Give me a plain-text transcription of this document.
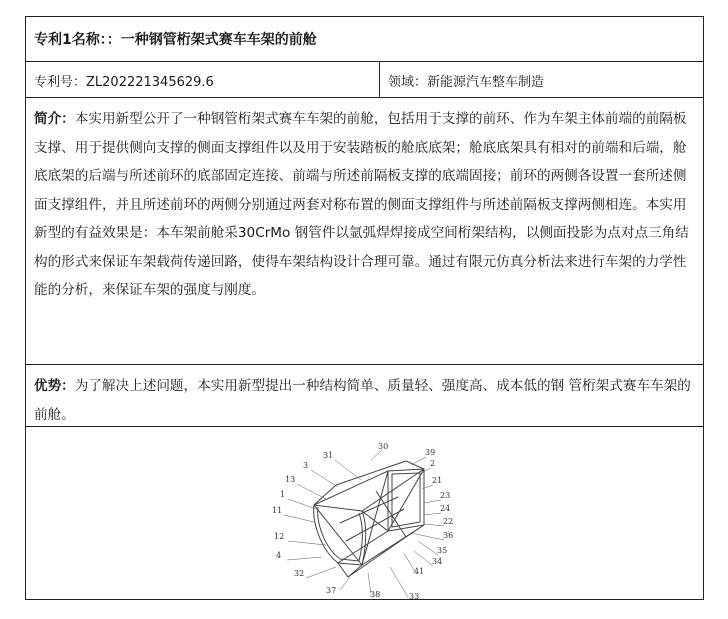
专利1名称：：一种钢管桁架式赛车车架的前舱
专利号：ZL202221345629.6	领域：新能源汽车整车制造
简介：本实用新型公开了一种钢管桁架式赛车车架的前舱，包括用于支撑的前环、作为车架主体前端的前隔板支撑、用于提供侧向支撑的侧面支撑组件以及用于安装踏板的舱底底架；舱底底架具有相对的前端和后端，舱底底架的后端与所述前环的底部固定连接、前端与所述前隔板支撑的底端固接；前环的两侧各设置一套所述侧面支撑组件，并且所述前环的两侧分别通过两套对称布置的侧面支撑组件与所述前隔板支撑两侧相连。本实用新型的有益效果是：本车架前舱采30CrMo 钢管件以氩弧焊焊接成空间桁架结构，以侧面投影为点对点三角结构的形式来保证车架载荷传递回路，使得车架结构设计合理可靠。通过有限元仿真分析法来进行车架的力学性能的分析，来保证车架的强度与刚度。
优势：为了解决上述问题，本实用新型提出一种结构简单、质量轻、强度高、成本低的钢 管桁架式赛车车架的前舱。
31
30
39
3	2
13	21
1	23
24
11
22
36
12
35
4
34
41
32
37	38	33
